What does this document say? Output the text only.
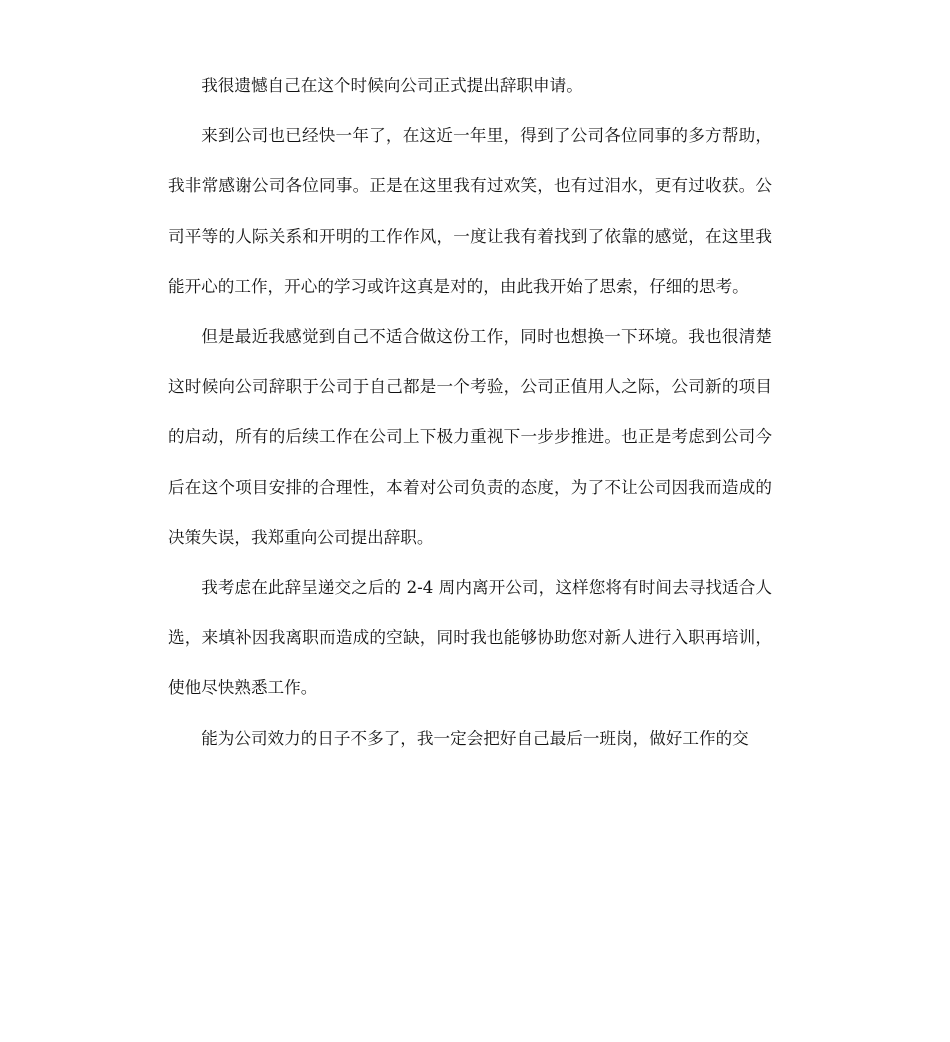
我很遗憾自己在这个时候向公司正式提出辞职申请。

来到公司也已经快一年了，在这近一年里，得到了公司各位同事的多方帮助，我非常感谢公司各位同事。正是在这里我有过欢笑，也有过泪水，更有过收获。公司平等的人际关系和开明的工作作风，一度让我有着找到了依靠的感觉，在这里我能开心的工作，开心的学习或许这真是对的，由此我开始了思索，仔细的思考。

但是最近我感觉到自己不适合做这份工作，同时也想换一下环境。我也很清楚这时候向公司辞职于公司于自己都是一个考验，公司正值用人之际，公司新的项目的启动，所有的后续工作在公司上下极力重视下一步步推进。也正是考虑到公司今后在这个项目安排的合理性，本着对公司负责的态度，为了不让公司因我而造成的决策失误，我郑重向公司提出辞职。

我考虑在此辞呈递交之后的 2-4 周内离开公司，这样您将有时间去寻找适合人选，来填补因我离职而造成的空缺，同时我也能够协助您对新人进行入职再培训，使他尽快熟悉工作。

能为公司效力的日子不多了，我一定会把好自己最后一班岗，做好工作的交
